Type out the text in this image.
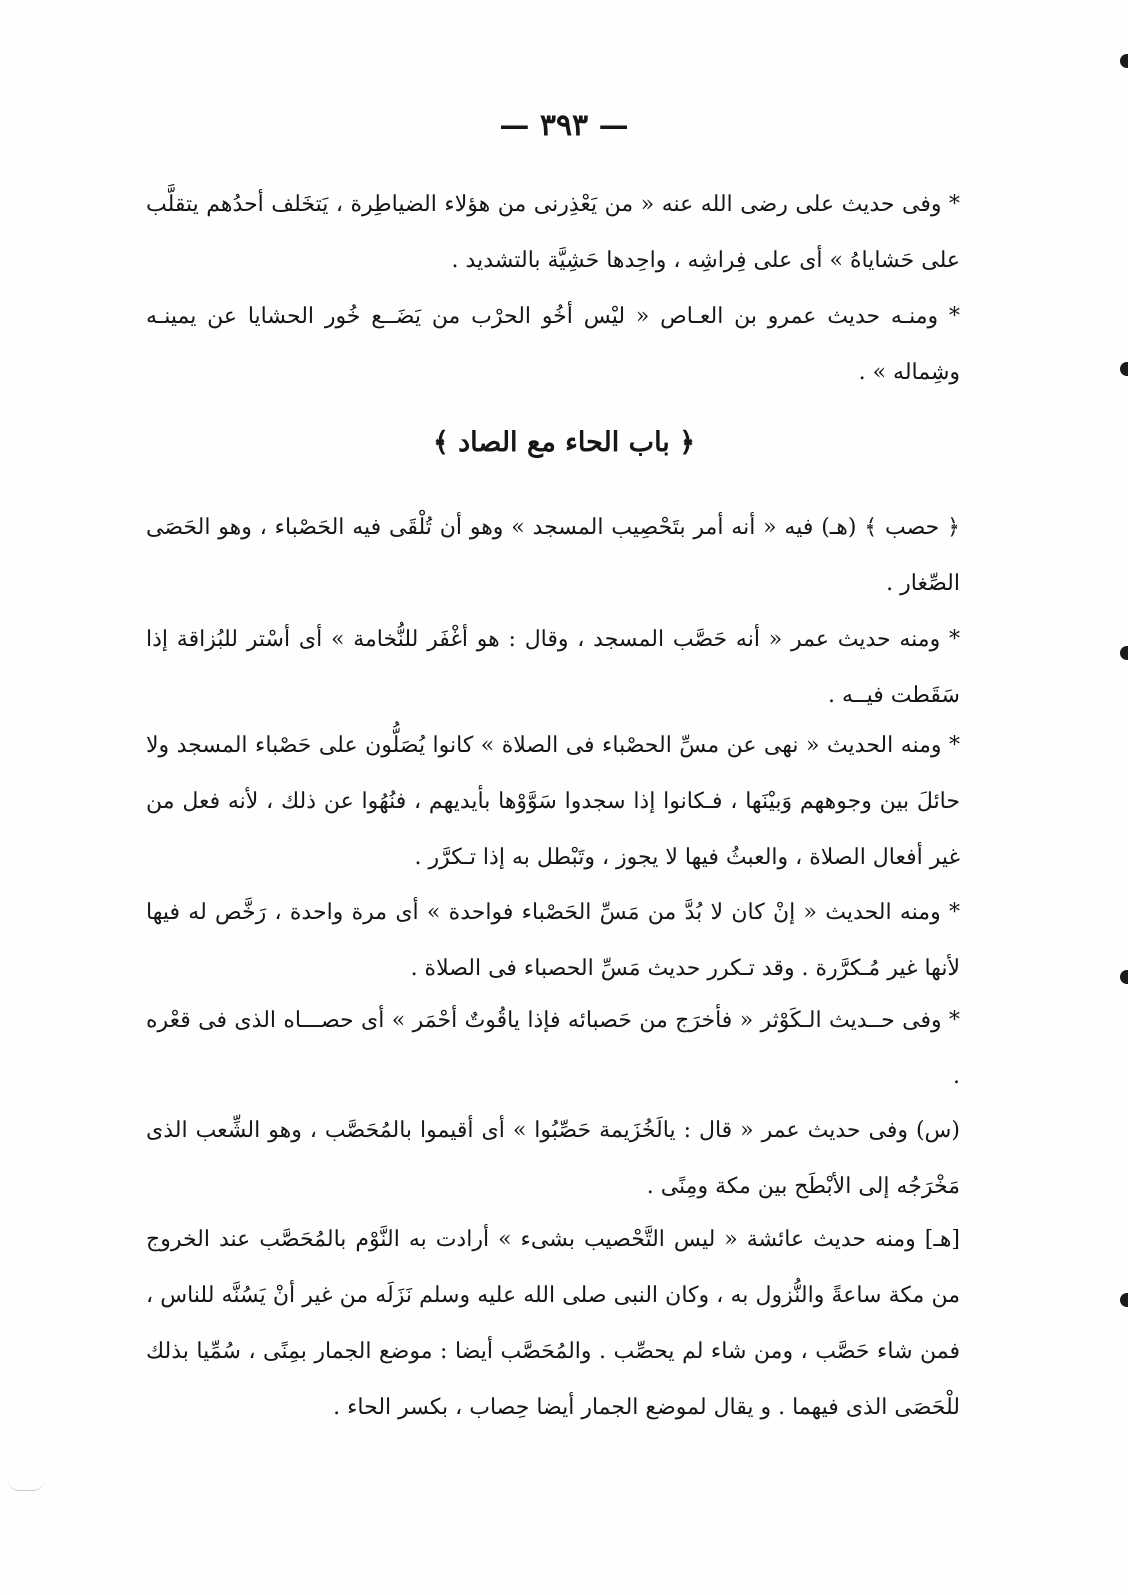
— ٣٩٣ —

* وفى حديث على رضى الله عنه « من يَعْذِرنى من هؤلاء الضياطِرة ، يَتخَلف أحدُهم يتقلَّب على حَشاياهُ » أى على فِراشِه ، واحِدها حَشِيَّة بالتشديد .

* ومنـه حديث عمرو بن العـاص « ليْس أخُو الحرْب من يَضَــع خُور الحشايا عن يمينـه وشِماله » .

﴿ باب الحاء مع الصاد ﴾

﴿ حصب ﴾ (هـ) فيه « أنه أمر بتَحْصِيب المسجد » وهو أن تُلْقَى فيه الحَصْباء ، وهو الحَصَى الصِّغار .

* ومنه حديث عمر « أنه حَصَّب المسجد ، وقال : هو أغْفَر للنُّخامة » أى أسْتر للبُزاقة إذا سَقَطت فيــه .

* ومنه الحديث « نهى عن مسِّ الحصْباء فى الصلاة » كانوا يُصَلُّون على حَصْباء المسجد ولا حائلَ بين وجوههم وَبيْنَها ، فـكانوا إذا سجدوا سَوَّوْها بأيديهم ، فنُهُوا عن ذلك ، لأنه فعل من غير أفعال الصلاة ، والعبثُ فيها لا يجوز ، وتَبْطل به إذا تـكرَّر .

* ومنه الحديث « إنْ كان لا بُدَّ من مَسِّ الحَصْباء فواحدة » أى مرة واحدة ، رَخَّص له فيها لأنها غير مُـكرَّرة . وقد تـكرر حديث مَسِّ الحصباء فى الصلاة .

* وفى حــديث الـكَوْثر « فأخرَج من حَصبائه فإذا ياقُوتٌ أحْمَر » أى حصـــاه الذى فى قعْره .

(س) وفى حديث عمر « قال : يالَخُزَيمة حَصِّبُوا » أى أقيموا بالمُحَصَّب ، وهو الشِّعب الذى مَخْرَجُه إلى الأبْطَح بين مكة ومِنًى .

[هـ] ومنه حديث عائشة « ليس التَّحْصيب بشىء » أرادت به النَّوْم بالمُحَصَّب عند الخروج من مكة ساعةً والنُّزول به ، وكان النبى صلى الله عليه وسلم نَزَلَه من غير أنْ يَسُنَّه للناس ، فمن شاء حَصَّب ، ومن شاء لم يحصِّب . والمُحَصَّب أيضا : موضع الجمار بمِنًى ، سُمِّيا بذلك للْحَصَى الذى فيهما . و يقال لموضع الجمار أيضا حِصاب ، بكسر الحاء .
